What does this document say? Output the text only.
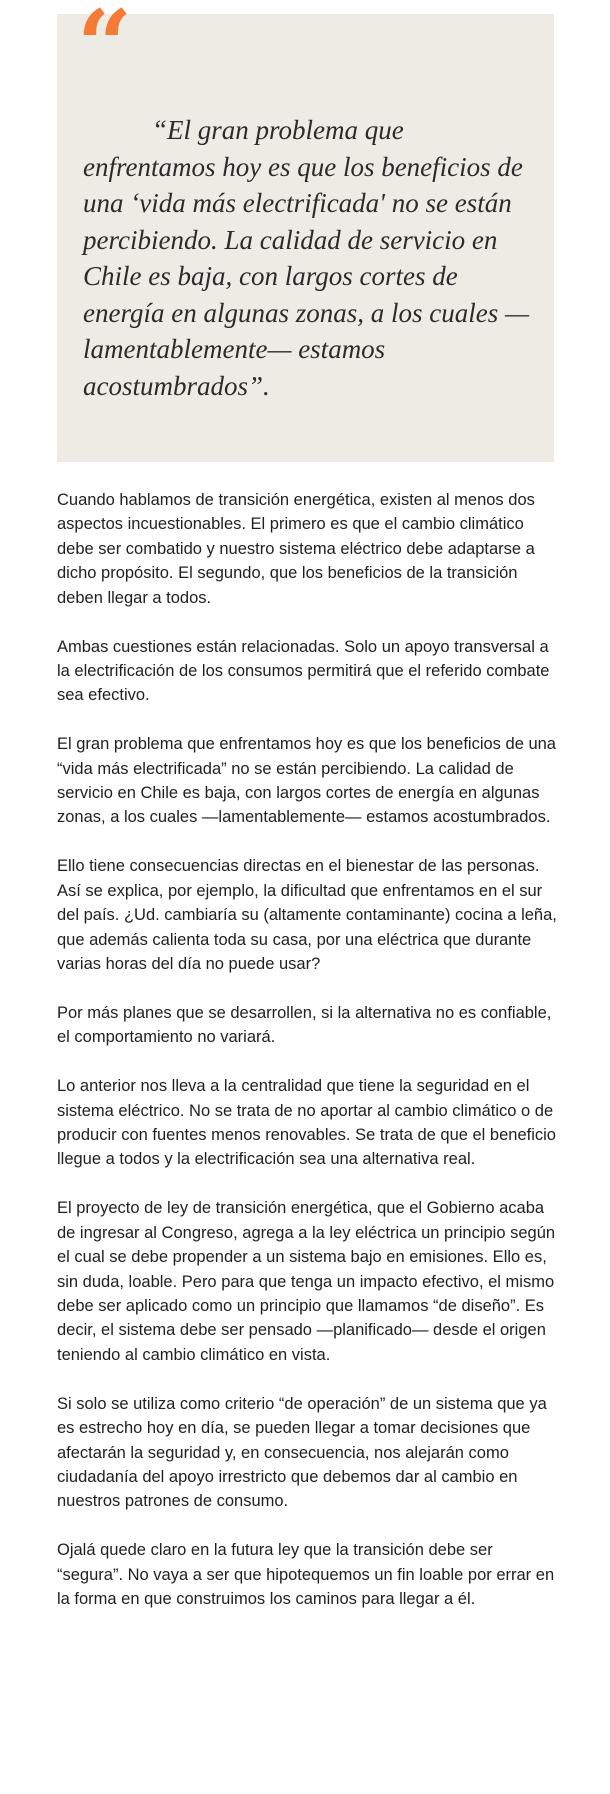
“

“El gran problema que enfrentamos hoy es que los beneficios de una ‘vida más electrificada' no se están percibiendo. La calidad de servicio en Chile es baja, con largos cortes de energía en algunas zonas, a los cuales —lamentablemente— estamos acostumbrados”.

Cuando hablamos de transición energética, existen al menos dos aspectos incuestionables. El primero es que el cambio climático debe ser combatido y nuestro sistema eléctrico debe adaptarse a dicho propósito. El segundo, que los beneficios de la transición deben llegar a todos.

Ambas cuestiones están relacionadas. Solo un apoyo transversal a la electrificación de los consumos permitirá que el referido combate sea efectivo.

El gran problema que enfrentamos hoy es que los beneficios de una “vida más electrificada” no se están percibiendo. La calidad de servicio en Chile es baja, con largos cortes de energía en algunas zonas, a los cuales —lamentablemente— estamos acostumbrados.

Ello tiene consecuencias directas en el bienestar de las personas. Así se explica, por ejemplo, la dificultad que enfrentamos en el sur del país. ¿Ud. cambiaría su (altamente contaminante) cocina a leña, que además calienta toda su casa, por una eléctrica que durante varias horas del día no puede usar?

Por más planes que se desarrollen, si la alternativa no es confiable, el comportamiento no variará.

Lo anterior nos lleva a la centralidad que tiene la seguridad en el sistema eléctrico. No se trata de no aportar al cambio climático o de producir con fuentes menos renovables. Se trata de que el beneficio llegue a todos y la electrificación sea una alternativa real.

El proyecto de ley de transición energética, que el Gobierno acaba de ingresar al Congreso, agrega a la ley eléctrica un principio según el cual se debe propender a un sistema bajo en emisiones. Ello es, sin duda, loable. Pero para que tenga un impacto efectivo, el mismo debe ser aplicado como un principio que llamamos “de diseño”. Es decir, el sistema debe ser pensado —planificado— desde el origen teniendo al cambio climático en vista.

Si solo se utiliza como criterio “de operación” de un sistema que ya es estrecho hoy en día, se pueden llegar a tomar decisiones que afectarán la seguridad y, en consecuencia, nos alejarán como ciudadanía del apoyo irrestricto que debemos dar al cambio en nuestros patrones de consumo.

Ojalá quede claro en la futura ley que la transición debe ser “segura”. No vaya a ser que hipotequemos un fin loable por errar en la forma en que construimos los caminos para llegar a él.
